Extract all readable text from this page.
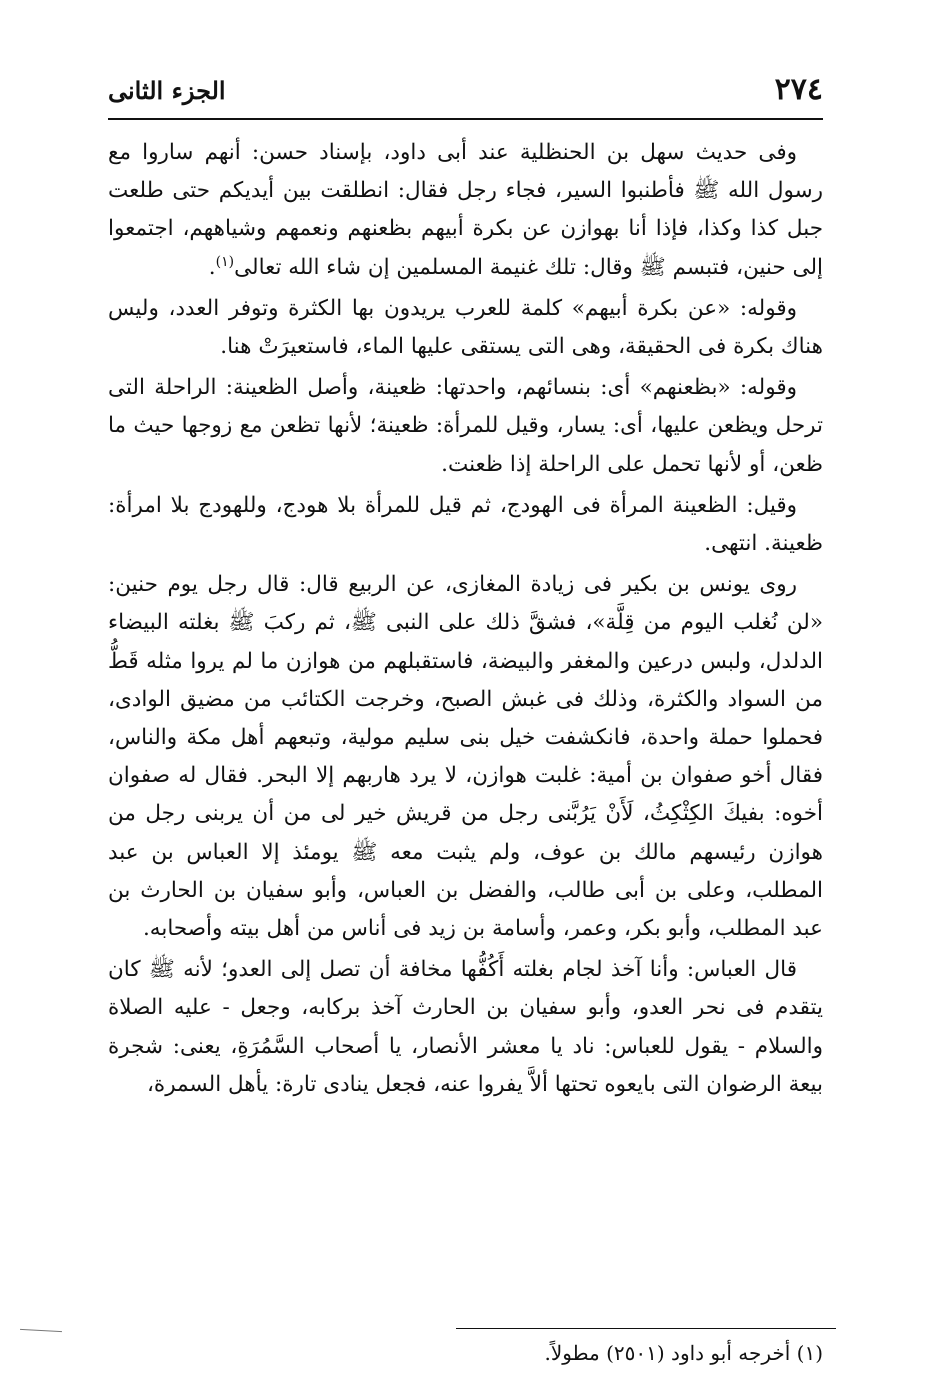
٢٧٤
الجزء الثانى

وفى حديث سهل بن الحنظلية عند أبى داود، بإسناد حسن: أنهم ساروا مع رسول الله ﷺ فأطنبوا السير، فجاء رجل فقال: انطلقت بين أيديكم حتى طلعت جبل كذا وكذا، فإذا أنا بهوازن عن بكرة أبيهم بظعنهم ونعمهم وشياههم، اجتمعوا إلى حنين، فتبسم ﷺ وقال: تلك غنيمة المسلمين إن شاء الله تعالى$^{(١)}$.

وقوله: «عن بكرة أبيهم» كلمة للعرب يريدون بها الكثرة وتوفر العدد، وليس هناك بكرة فى الحقيقة، وهى التى يستقى عليها الماء، فاستعيرَتْ هنا.

وقوله: «بظعنهم» أى: بنسائهم، واحدتها: ظعينة، وأصل الظعينة: الراحلة التى ترحل ويظعن عليها، أى: يسار، وقيل للمرأة: ظعينة؛ لأنها تظعن مع زوجها حيث ما ظعن، أو لأنها تحمل على الراحلة إذا ظعنت.

وقيل: الظعينة المرأة فى الهودج، ثم قيل للمرأة بلا هودج، وللهودج بلا امرأة: ظعينة. انتهى.

روى يونس بن بكير فى زيادة المغازى، عن الربيع قال: قال رجل يوم حنين: «لن نُغلب اليوم من قِلَّة»، فشقَّ ذلك على النبى ﷺ، ثم ركبَ ﷺ بغلته البيضاء الدلدل، ولبس درعين والمغفر والبيضة، فاستقبلهم من هوازن ما لم يروا مثله قَطُّ من السواد والكثرة، وذلك فى غبش الصبح، وخرجت الكتائب من مضيق الوادى، فحملوا حملة واحدة، فانكشفت خيل بنى سليم مولية، وتبعهم أهل مكة والناس، فقال أخو صفوان بن أمية: غلبت هوازن، لا يرد هاربهم إلا البحر. فقال له صفوان أخوه: بفيكَ الكِثْكِثُ، لَأَنْ يَرُبَّنى رجل من قريش خير لى من أن يربنى رجل من هوازن رئيسهم مالك بن عوف، ولم يثبت معه ﷺ يومئذ إلا العباس بن عبد المطلب، وعلى بن أبى طالب، والفضل بن العباس، وأبو سفيان بن الحارث بن عبد المطلب، وأبو بكر، وعمر، وأسامة بن زيد فى أناس من أهل بيته وأصحابه.

قال العباس: وأنا آخذ لجام بغلته أَكُفُّها مخافة أن تصل إلى العدو؛ لأنه ﷺ كان يتقدم فى نحر العدو، وأبو سفيان بن الحارث آخذ بركابه، وجعل - عليه الصلاة والسلام - يقول للعباس: ناد يا معشر الأنصار، يا أصحاب السَّمُرَةِ، يعنى: شجرة بيعة الرضوان التى بايعوه تحتها ألاَّ يفروا عنه، فجعل ينادى تارة: يأهل السمرة،

(١) أخرجه أبو داود (٢٥٠١) مطولاً.
